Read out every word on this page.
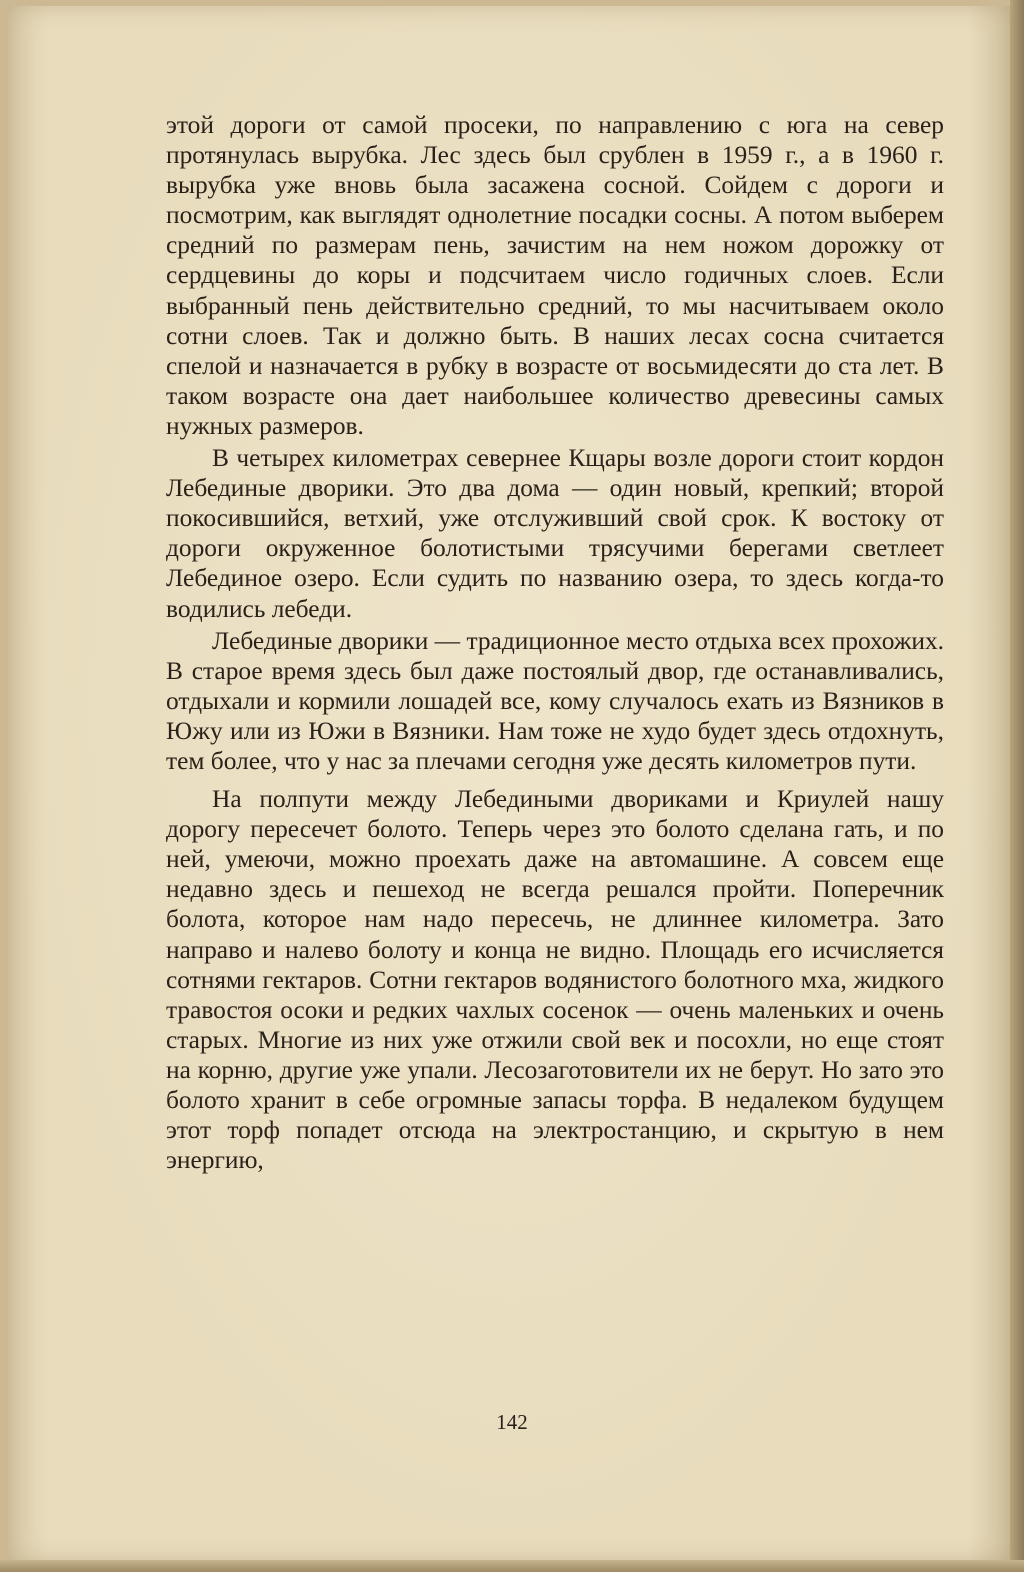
этой дороги от самой просеки, по направлению с юга на север протянулась вырубка. Лес здесь был срублен в 1959 г., а в 1960 г. вырубка уже вновь была засажена сосной. Сойдем с дороги и посмотрим, как выглядят однолетние посадки сосны. А потом выберем средний по размерам пень, зачистим на нем ножом дорожку от сердцевины до коры и подсчитаем число годичных слоев. Если выбранный пень действительно средний, то мы насчитываем около сотни слоев. Так и должно быть. В наших лесах сосна считается спелой и назначается в рубку в возрасте от восьмидесяти до ста лет. В таком возрасте она дает наибольшее количество древесины самых нужных размеров.

В четырех километрах севернее Кщары возле дороги стоит кордон Лебединые дворики. Это два дома — один новый, крепкий; второй покосившийся, ветхий, уже отслуживший свой срок. К востоку от дороги окруженное болотистыми трясучими берегами светлеет Лебединое озеро. Если судить по названию озера, то здесь когда-то водились лебеди.

Лебединые дворики — традиционное место отдыха всех прохожих. В старое время здесь был даже постоялый двор, где останавливались, отдыхали и кормили лошадей все, кому случалось ехать из Вязников в Южу или из Южи в Вязники. Нам тоже не худо будет здесь отдохнуть, тем более, что у нас за плечами сегодня уже десять километров пути.

На полпути между Лебедиными двориками и Криулей нашу дорогу пересечет болото. Теперь через это болото сделана гать, и по ней, умеючи, можно проехать даже на автомашине. А совсем еще недавно здесь и пешеход не всегда решался пройти. Поперечник болота, которое нам надо пересечь, не длиннее километра. Зато направо и налево болоту и конца не видно. Площадь его исчисляется сотнями гектаров. Сотни гектаров водянистого болотного мха, жидкого травостоя осоки и редких чахлых сосенок — очень маленьких и очень старых. Многие из них уже отжили свой век и посохли, но еще стоят на корню, другие уже упали. Лесозаготовители их не берут. Но зато это болото хранит в себе огромные запасы торфа. В недалеком будущем этот торф попадет отсюда на электростанцию, и скрытую в нем энергию,

142
